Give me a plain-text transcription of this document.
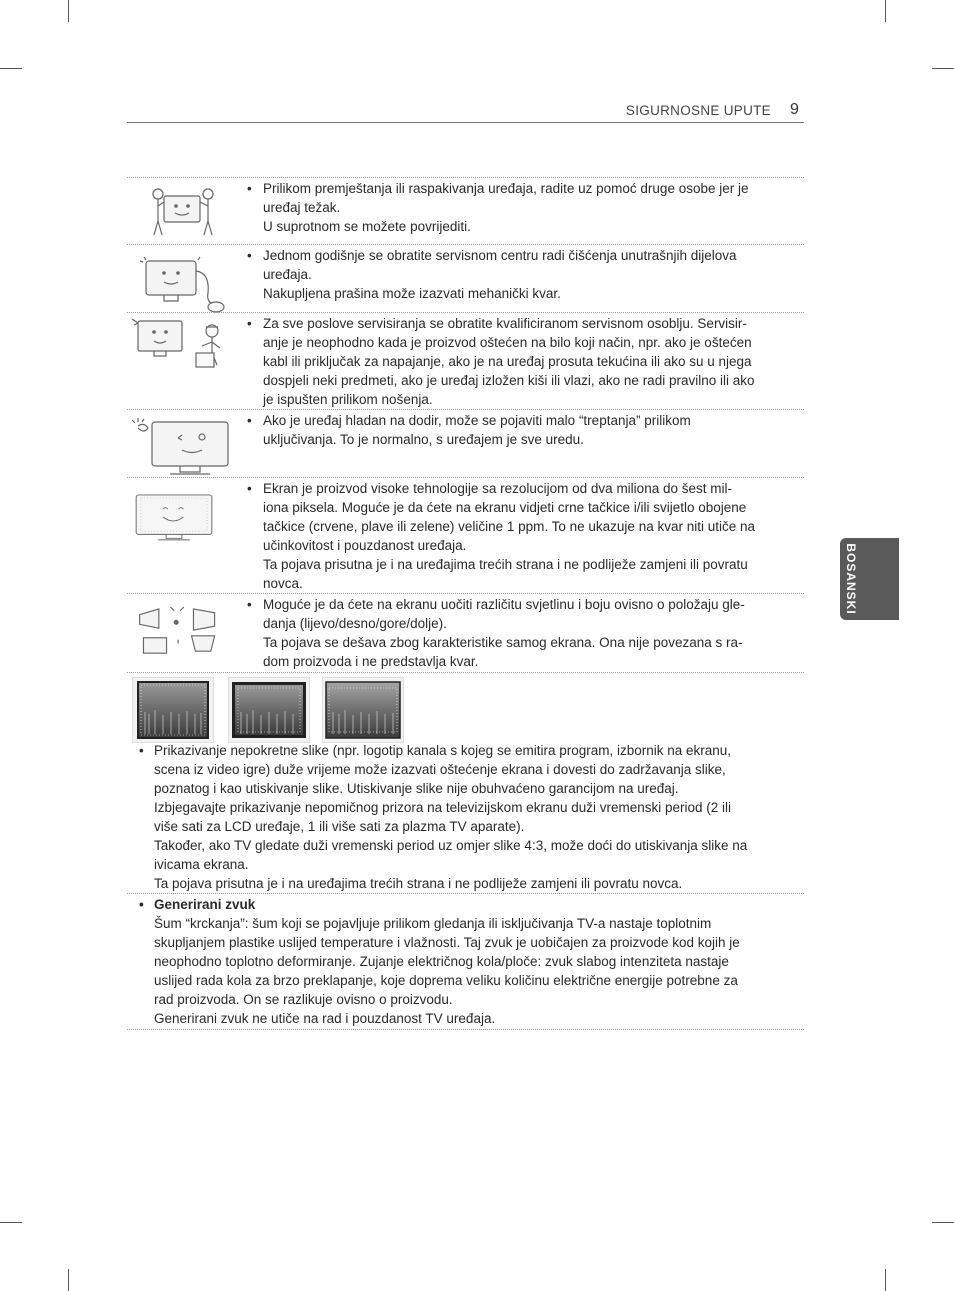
SIGURNOSNE UPUTE 9
BOSANSKI
• Prilikom premještanja ili raspakivanja uređaja, radite uz pomoć druge osobe jer je

uređaj težak.

U suprotnom se možete povrijediti.

• Jednom godišnje se obratite servisnom centru radi čišćenja unutrašnjih dijelova

uređaja.

Nakupljena prašina može izazvati mehanički kvar.

• Za sve poslove servisiranja se obratite kvalificiranom servisnom osoblju. Servisir-

anje je neophodno kada je proizvod oštećen na bilo koji način, npr. ako je oštećen

kabl ili priključak za napajanje, ako je na uređaj prosuta tekućina ili ako su u njega

dospjeli neki predmeti, ako je uređaj izložen kiši ili vlazi, ako ne radi pravilno ili ako

je ispušten prilikom nošenja.

• Ako je uređaj hladan na dodir, može se pojaviti malo “treptanja” prilikom

uključivanja. To je normalno, s uređajem je sve uredu.

• Ekran je proizvod visoke tehnologije sa rezolucijom od dva miliona do šest mil-

iona piksela. Moguće je da ćete na ekranu vidjeti crne tačkice i/ili svijetlo obojene

tačkice (crvene, plave ili zelene) veličine 1 ppm. To ne ukazuje na kvar niti utiče na

učinkovitost i pouzdanost uređaja.

Ta pojava prisutna je i na uređajima trećih strana i ne podliježe zamjeni ili povratu

novca.

• Moguće je da ćete na ekranu uočiti različitu svjetlinu i boju ovisno o položaju gle-

danja (lijevo/desno/gore/dolje).

Ta pojava se dešava zbog karakteristike samog ekrana. Ona nije povezana s ra-

dom proizvoda i ne predstavlja kvar.

• Prikazivanje nepokretne slike (npr. logotip kanala s kojeg se emitira program, izbornik na ekranu,

scena iz video igre) duže vrijeme može izazvati oštećenje ekrana i dovesti do zadržavanja slike,

poznatog i kao utiskivanje slike. Utiskivanje slike nije obuhvaćeno garancijom na uređaj.

Izbjegavajte prikazivanje nepomičnog prizora na televizijskom ekranu duži vremenski period (2 ili

više sati za LCD uređaje, 1 ili više sati za plazma TV aparate).

Također, ako TV gledate duži vremenski period uz omjer slike 4:3, može doći do utiskivanja slike na

ivicama ekrana.

Ta pojava prisutna je i na uređajima trećih strana i ne podliježe zamjeni ili povratu novca.

• Generirani zvuk

Šum “krckanja”: šum koji se pojavljuje prilikom gledanja ili isključivanja TV-a nastaje toplotnim

skupljanjem plastike uslijed temperature i vlažnosti. Taj zvuk je uobičajen za proizvode kod kojih je

neophodno toplotno deformiranje. Zujanje električnog kola/ploče: zvuk slabog intenziteta nastaje

uslijed rada kola za brzo preklapanje, koje doprema veliku količinu električne energije potrebne za

rad proizvoda. On se razlikuje ovisno o proizvodu.

Generirani zvuk ne utiče na rad i pouzdanost TV uređaja.
